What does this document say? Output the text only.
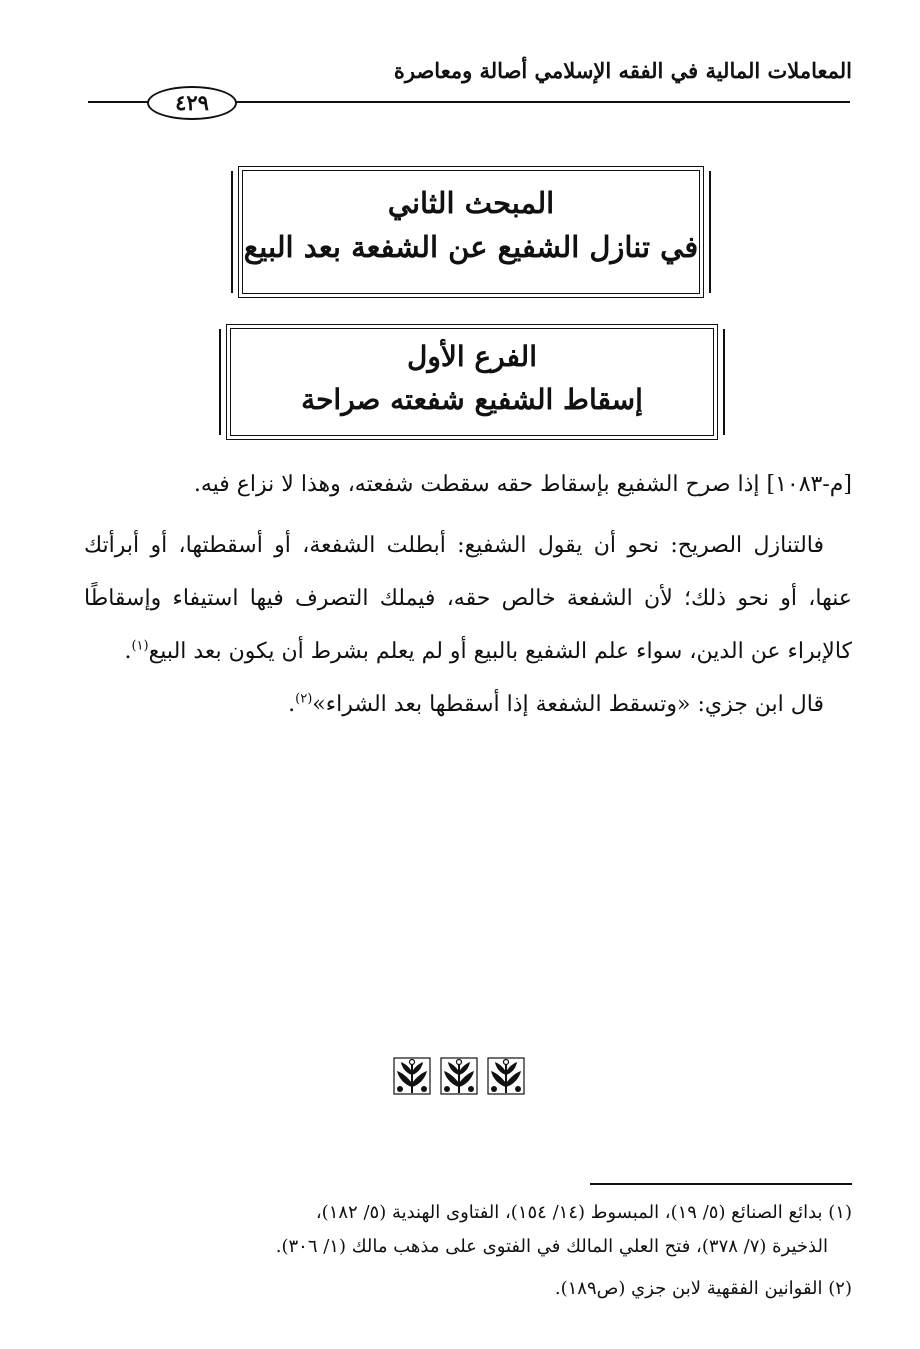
المعاملات المالية في الفقه الإسلامي أصالة ومعاصرة
٤٢٩
المبحث الثاني
في تنازل الشفيع عن الشفعة بعد البيع
الفرع الأول
إسقاط الشفيع شفعته صراحة

[م-١٠٨٣] إذا صرح الشفيع بإسقاط حقه سقطت شفعته، وهذا لا نزاع فيه.

فالتنازل الصريح: نحو أن يقول الشفيع: أبطلت الشفعة، أو أسقطتها، أو أبرأتك عنها، أو نحو ذلك؛ لأن الشفعة خالص حقه، فيملك التصرف فيها استيفاء وإسقاطًا كالإبراء عن الدين، سواء علم الشفيع بالبيع أو لم يعلم بشرط أن يكون بعد البيع$^{(١)}$.

قال ابن جزي: «وتسقط الشفعة إذا أسقطها بعد الشراء»$^{(٢)}$.

(١) بدائع الصنائع (٥/ ١٩)، المبسوط (١٤/ ١٥٤)، الفتاوى الهندية (٥/ ١٨٢)،

الذخيرة (٧/ ٣٧٨)، فتح العلي المالك في الفتوى على مذهب مالك (١/ ٣٠٦).

(٢) القوانين الفقهية لابن جزي (ص١٨٩).
